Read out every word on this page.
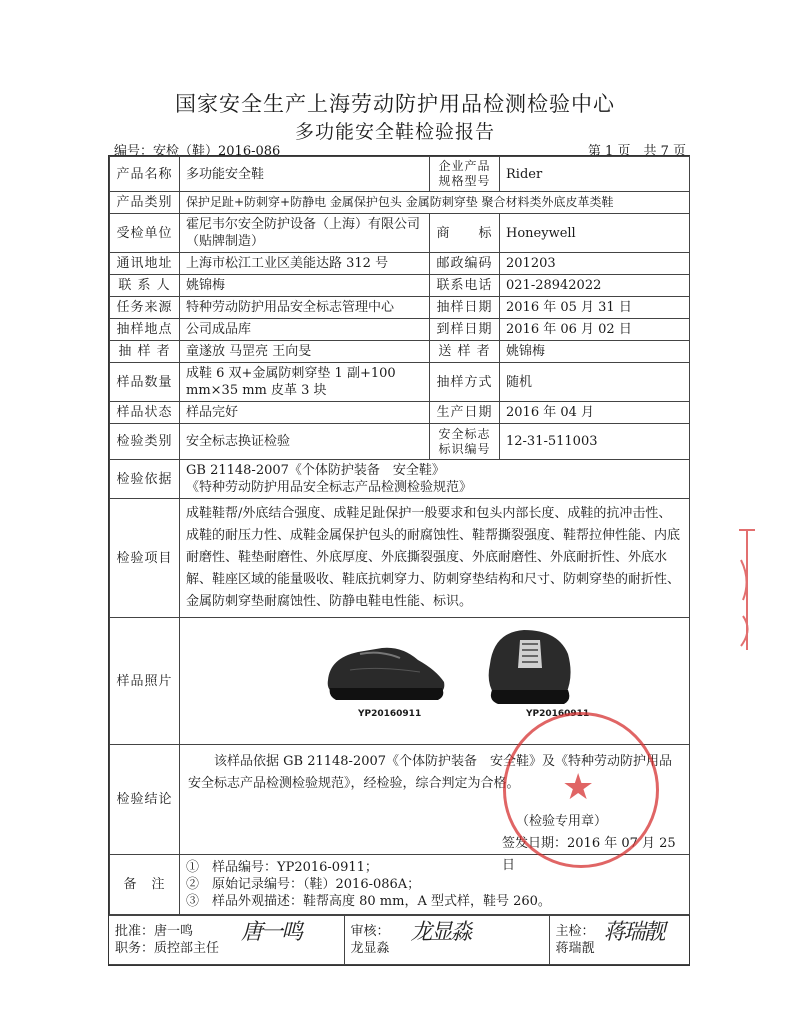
国家安全生产上海劳动防护用品检测检验中心
多功能安全鞋检验报告
编号：安检（鞋）2016-086	第 1 页　共 7 页
产品名称	多功能安全鞋	企业产品规格型号	Rider
产品类别	保护足趾+防刺穿+防静电 金属保护包头 金属防刺穿垫 聚合材料类外底皮革类鞋		
受检单位	霍尼韦尔安全防护设备（上海）有限公司（贴牌制造）	商　　标	Honeywell
通讯地址	上海市松江工业区美能达路 312 号	邮政编码	201203
联 系 人	姚锦梅	联系电话	021-28942022
任务来源	特种劳动防护用品安全标志管理中心	抽样日期	2016 年 05 月 31 日
抽样地点	公司成品库	到样日期	2016 年 06 月 02 日
抽 样 者	童遂放 马罡亮 王向旻	送 样 者	姚锦梅
样品数量	成鞋 6 双+金属防刺穿垫 1 副+100 mm×35 mm 皮革 3 块	抽样方式	随机
样品状态	样品完好	生产日期	2016 年 04 月
检验类别	安全标志换证检验	安全标志标识编号	12-31-511003
检验依据	GB 21148-2007《个体防护装备　安全鞋》
《特种劳动防护用品安全标志产品检测检验规范》		

检验项目	成鞋鞋帮/外底结合强度、成鞋足趾保护一般要求和包头内部长度、成鞋的抗冲击性、成鞋的耐压力性、成鞋金属保护包头的耐腐蚀性、鞋帮撕裂强度、鞋帮拉伸性能、内底耐磨性、鞋垫耐磨性、外底厚度、外底撕裂强度、外底耐磨性、外底耐折性、外底水解、鞋座区域的能量吸收、鞋底抗刺穿力、防刺穿垫结构和尺寸、防刺穿垫的耐折性、金属防刺穿垫耐腐蚀性、防静电鞋电性能、标识。		
样品照片	YP20160911 YP20160911		

检验结论	该样品依据 GB 21148-2007《个体防护装备　安全鞋》及《特种劳动防护用品安全标志产品检测检验规范》，经检验，综合判定为合格。
（检验专用章）
签发日期：2016 年 07 月 25 日		

备　注	①　样品编号：YP2016-0911；
②　原始记录编号：（鞋）2016-086A；
③　样品外观描述：鞋帮高度 80 mm，A 型式样，鞋号 260。		
批准：唐一鸣
职务：质控部主任
唐一鸣	审核：
龙显淼
龙显淼	主检：
蒋瑞靓
蒋瑞靓
★
